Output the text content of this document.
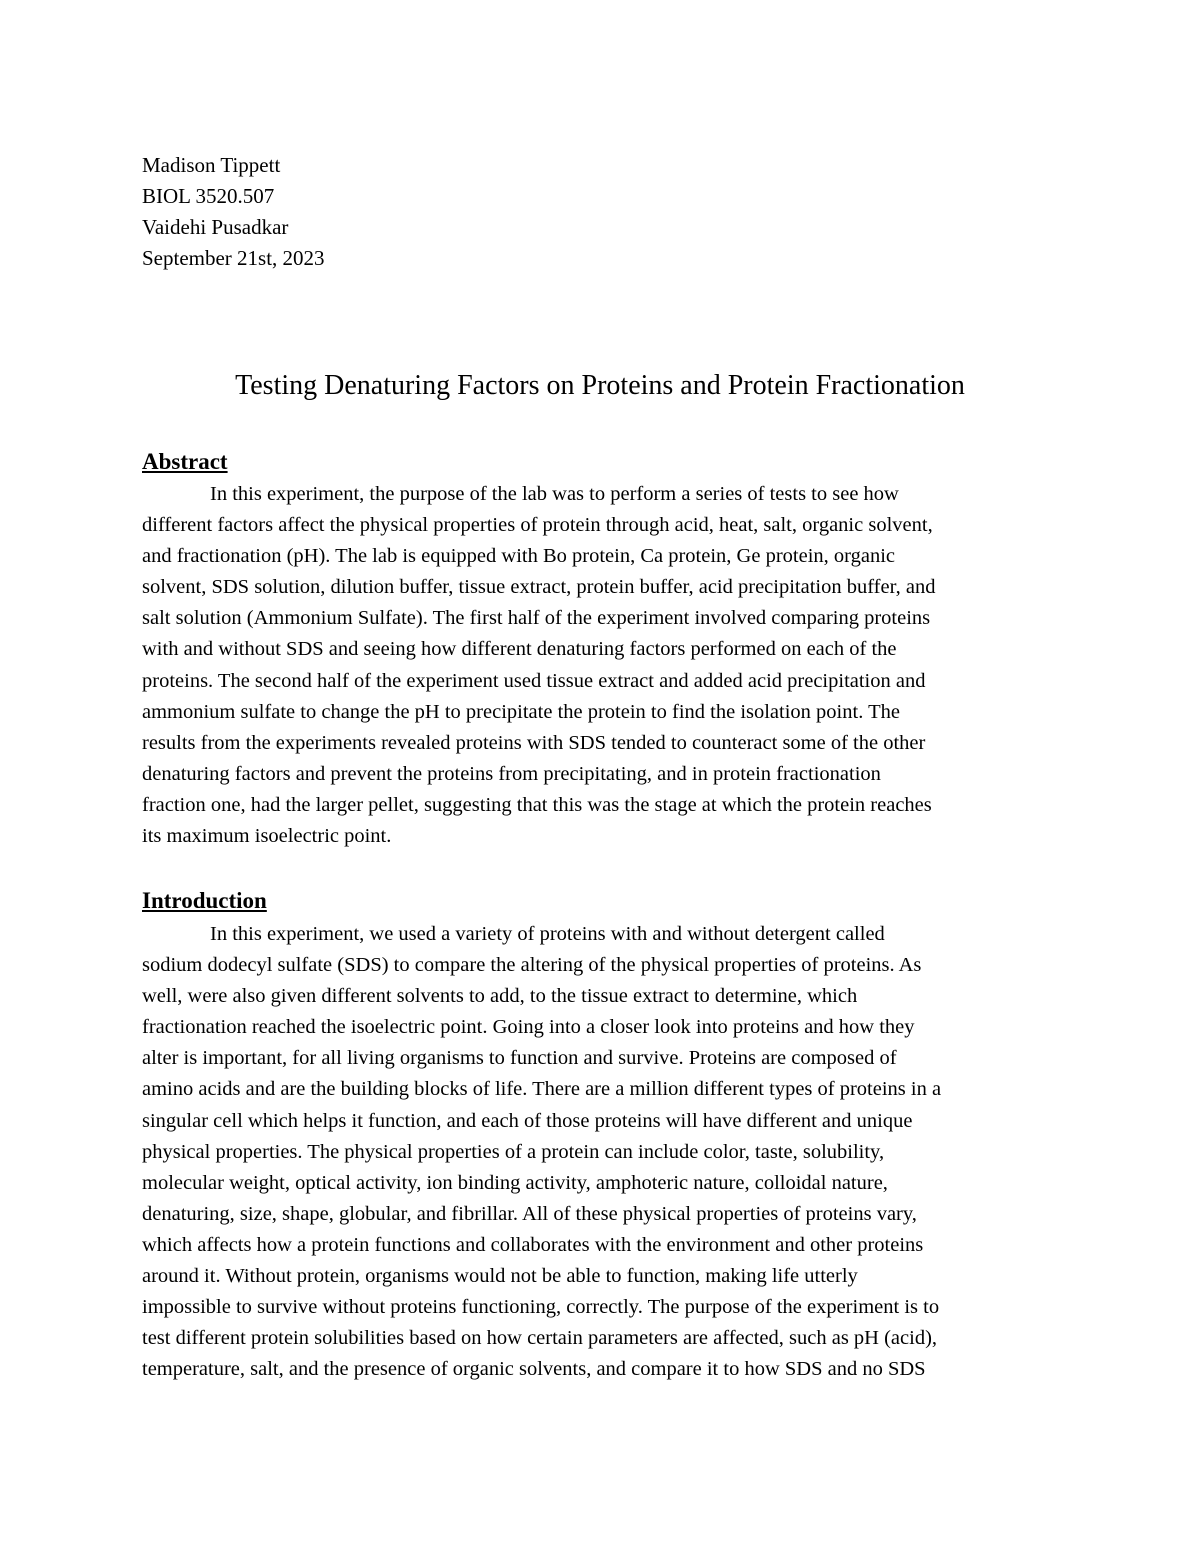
Madison Tippett
BIOL 3520.507
Vaidehi Pusadkar
September 21st, 2023
Testing Denaturing Factors on Proteins and Protein Fractionation
Abstract
In this experiment, the purpose of the lab was to perform a series of tests to see how
different factors affect the physical properties of protein through acid, heat, salt, organic solvent,
and fractionation (pH). The lab is equipped with Bo protein, Ca protein, Ge protein, organic
solvent, SDS solution, dilution buffer, tissue extract, protein buffer, acid precipitation buffer, and
salt solution (Ammonium Sulfate). The first half of the experiment involved comparing proteins
with and without SDS and seeing how different denaturing factors performed on each of the
proteins. The second half of the experiment used tissue extract and added acid precipitation and
ammonium sulfate to change the pH to precipitate the protein to find the isolation point. The
results from the experiments revealed proteins with SDS tended to counteract some of the other
denaturing factors and prevent the proteins from precipitating, and in protein fractionation
fraction one, had the larger pellet, suggesting that this was the stage at which the protein reaches
its maximum isoelectric point.
Introduction
In this experiment, we used a variety of proteins with and without detergent called
sodium dodecyl sulfate (SDS) to compare the altering of the physical properties of proteins. As
well, were also given different solvents to add, to the tissue extract to determine, which
fractionation reached the isoelectric point. Going into a closer look into proteins and how they
alter is important, for all living organisms to function and survive. Proteins are composed of
amino acids and are the building blocks of life. There are a million different types of proteins in a
singular cell which helps it function, and each of those proteins will have different and unique
physical properties. The physical properties of a protein can include color, taste, solubility,
molecular weight, optical activity, ion binding activity, amphoteric nature, colloidal nature,
denaturing, size, shape, globular, and fibrillar. All of these physical properties of proteins vary,
which affects how a protein functions and collaborates with the environment and other proteins
around it. Without protein, organisms would not be able to function, making life utterly
impossible to survive without proteins functioning, correctly. The purpose of the experiment is to
test different protein solubilities based on how certain parameters are affected, such as pH (acid),
temperature, salt, and the presence of organic solvents, and compare it to how SDS and no SDS
